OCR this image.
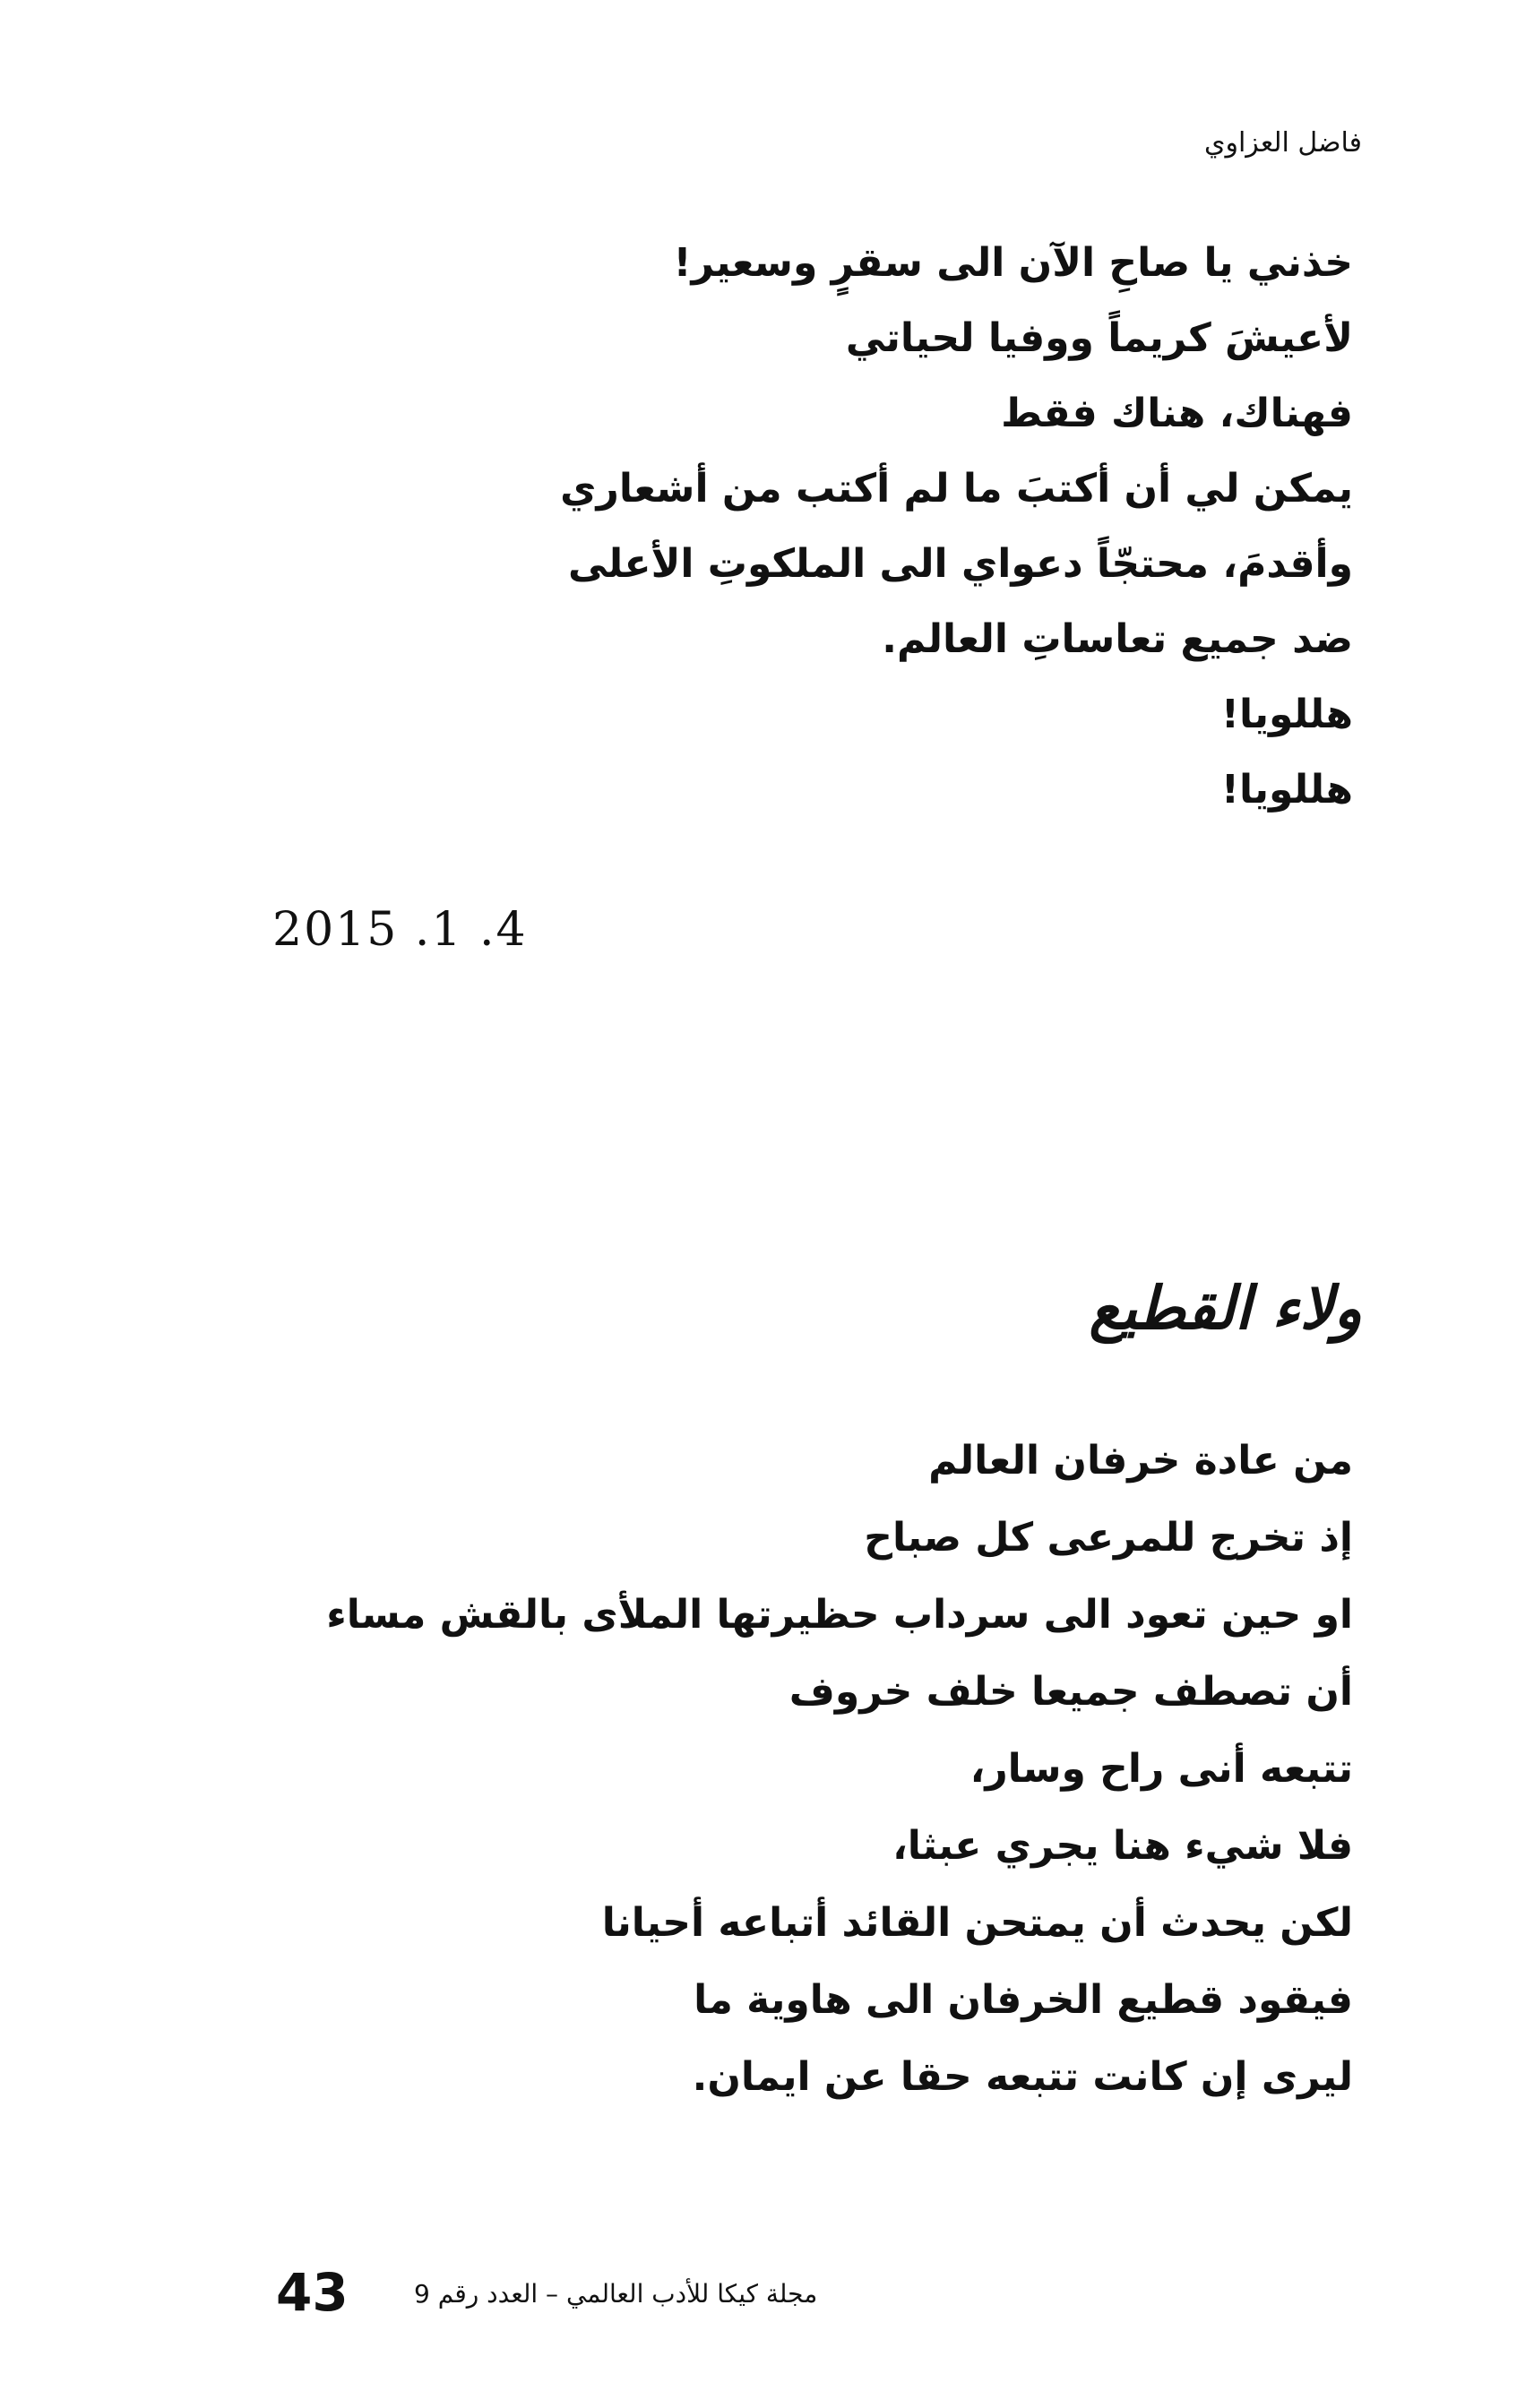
فاضل العزاوي
خذني يا صاحِ الآن الى سقرٍ وسعير!
لأعيشَ كريماً ووفيا لحياتي
فهناك، هناك فقط
يمكن لي أن أكتبَ ما لم أكتب من أشعاري
وأقدمَ، محتجّاً دعواي الى الملكوتِ الأعلى
ضد جميع تعاساتِ العالم.
هللويا!
هللويا!
2015 .1 .4
ولاء القطيع
من عادة خرفان العالم
إذ تخرج للمرعى كل صباح
او حين تعود الى سرداب حظيرتها الملأى بالقش مساء
أن تصطف جميعا خلف خروف
تتبعه أنى راح وسار،
فلا شيء هنا يجري عبثا،
لكن يحدث أن يمتحن القائد أتباعه أحيانا
فيقود قطيع الخرفان الى هاوية ما
ليرى إن كانت تتبعه حقا عن ايمان.
43	مجلة كيكا للأدب العالمي – العدد رقم 9
